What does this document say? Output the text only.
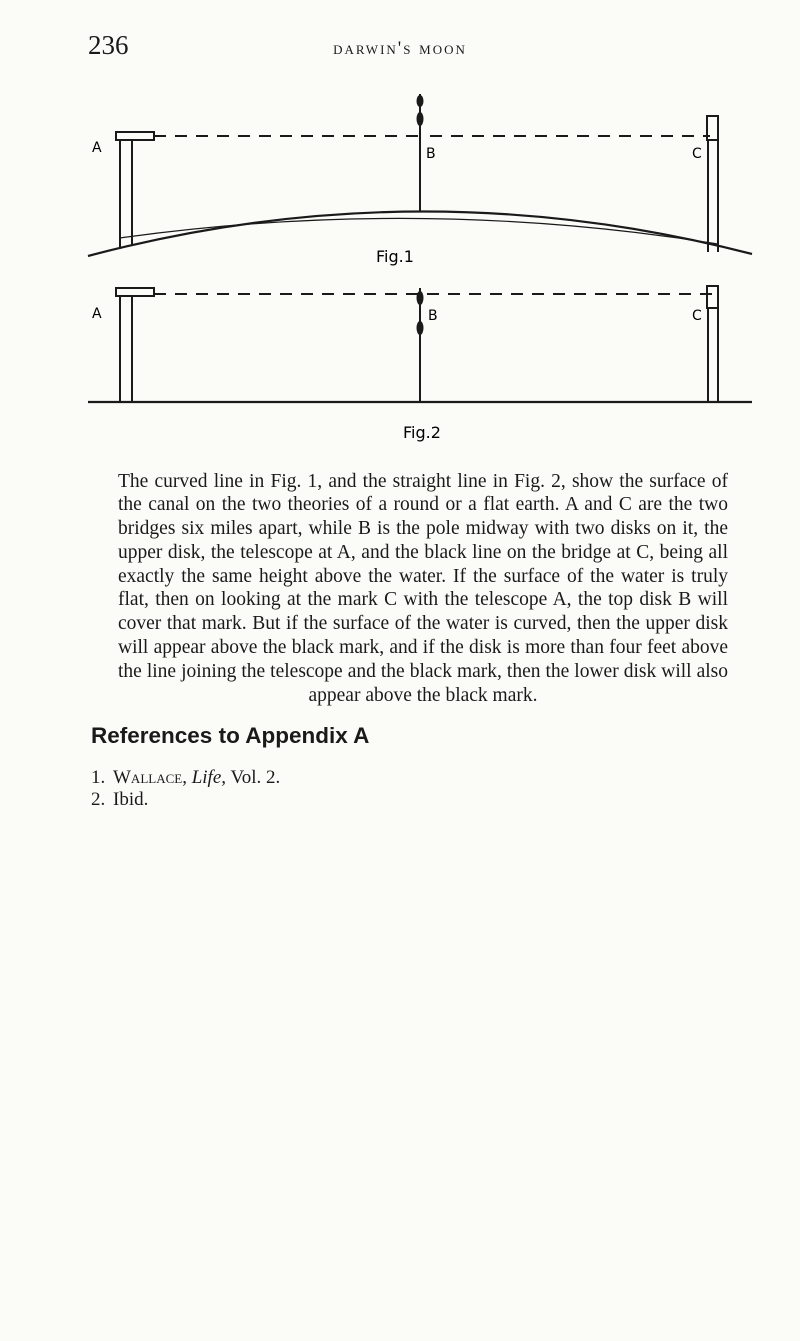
236	darwin's moon
A	B	C
Fig.1
A	B	C
Fig.2

The curved line in Fig. 1, and the straight line in Fig. 2, show the surface of the canal on the two theories of a round or a flat earth. A and C are the two bridges six miles apart, while B is the pole midway with two disks on it, the upper disk, the telescope at A, and the black line on the bridge at C, being all exactly the same height above the water. If the surface of the water is truly flat, then on looking at the mark C with the telescope A, the top disk B will cover that mark. But if the surface of the water is curved, then the upper disk will appear above the black mark, and if the disk is more than four feet above the line joining the telescope and the black mark, then the lower disk will also appear above the black mark.

References to Appendix A
1. Wallace, Life, Vol. 2.
2. Ibid.
